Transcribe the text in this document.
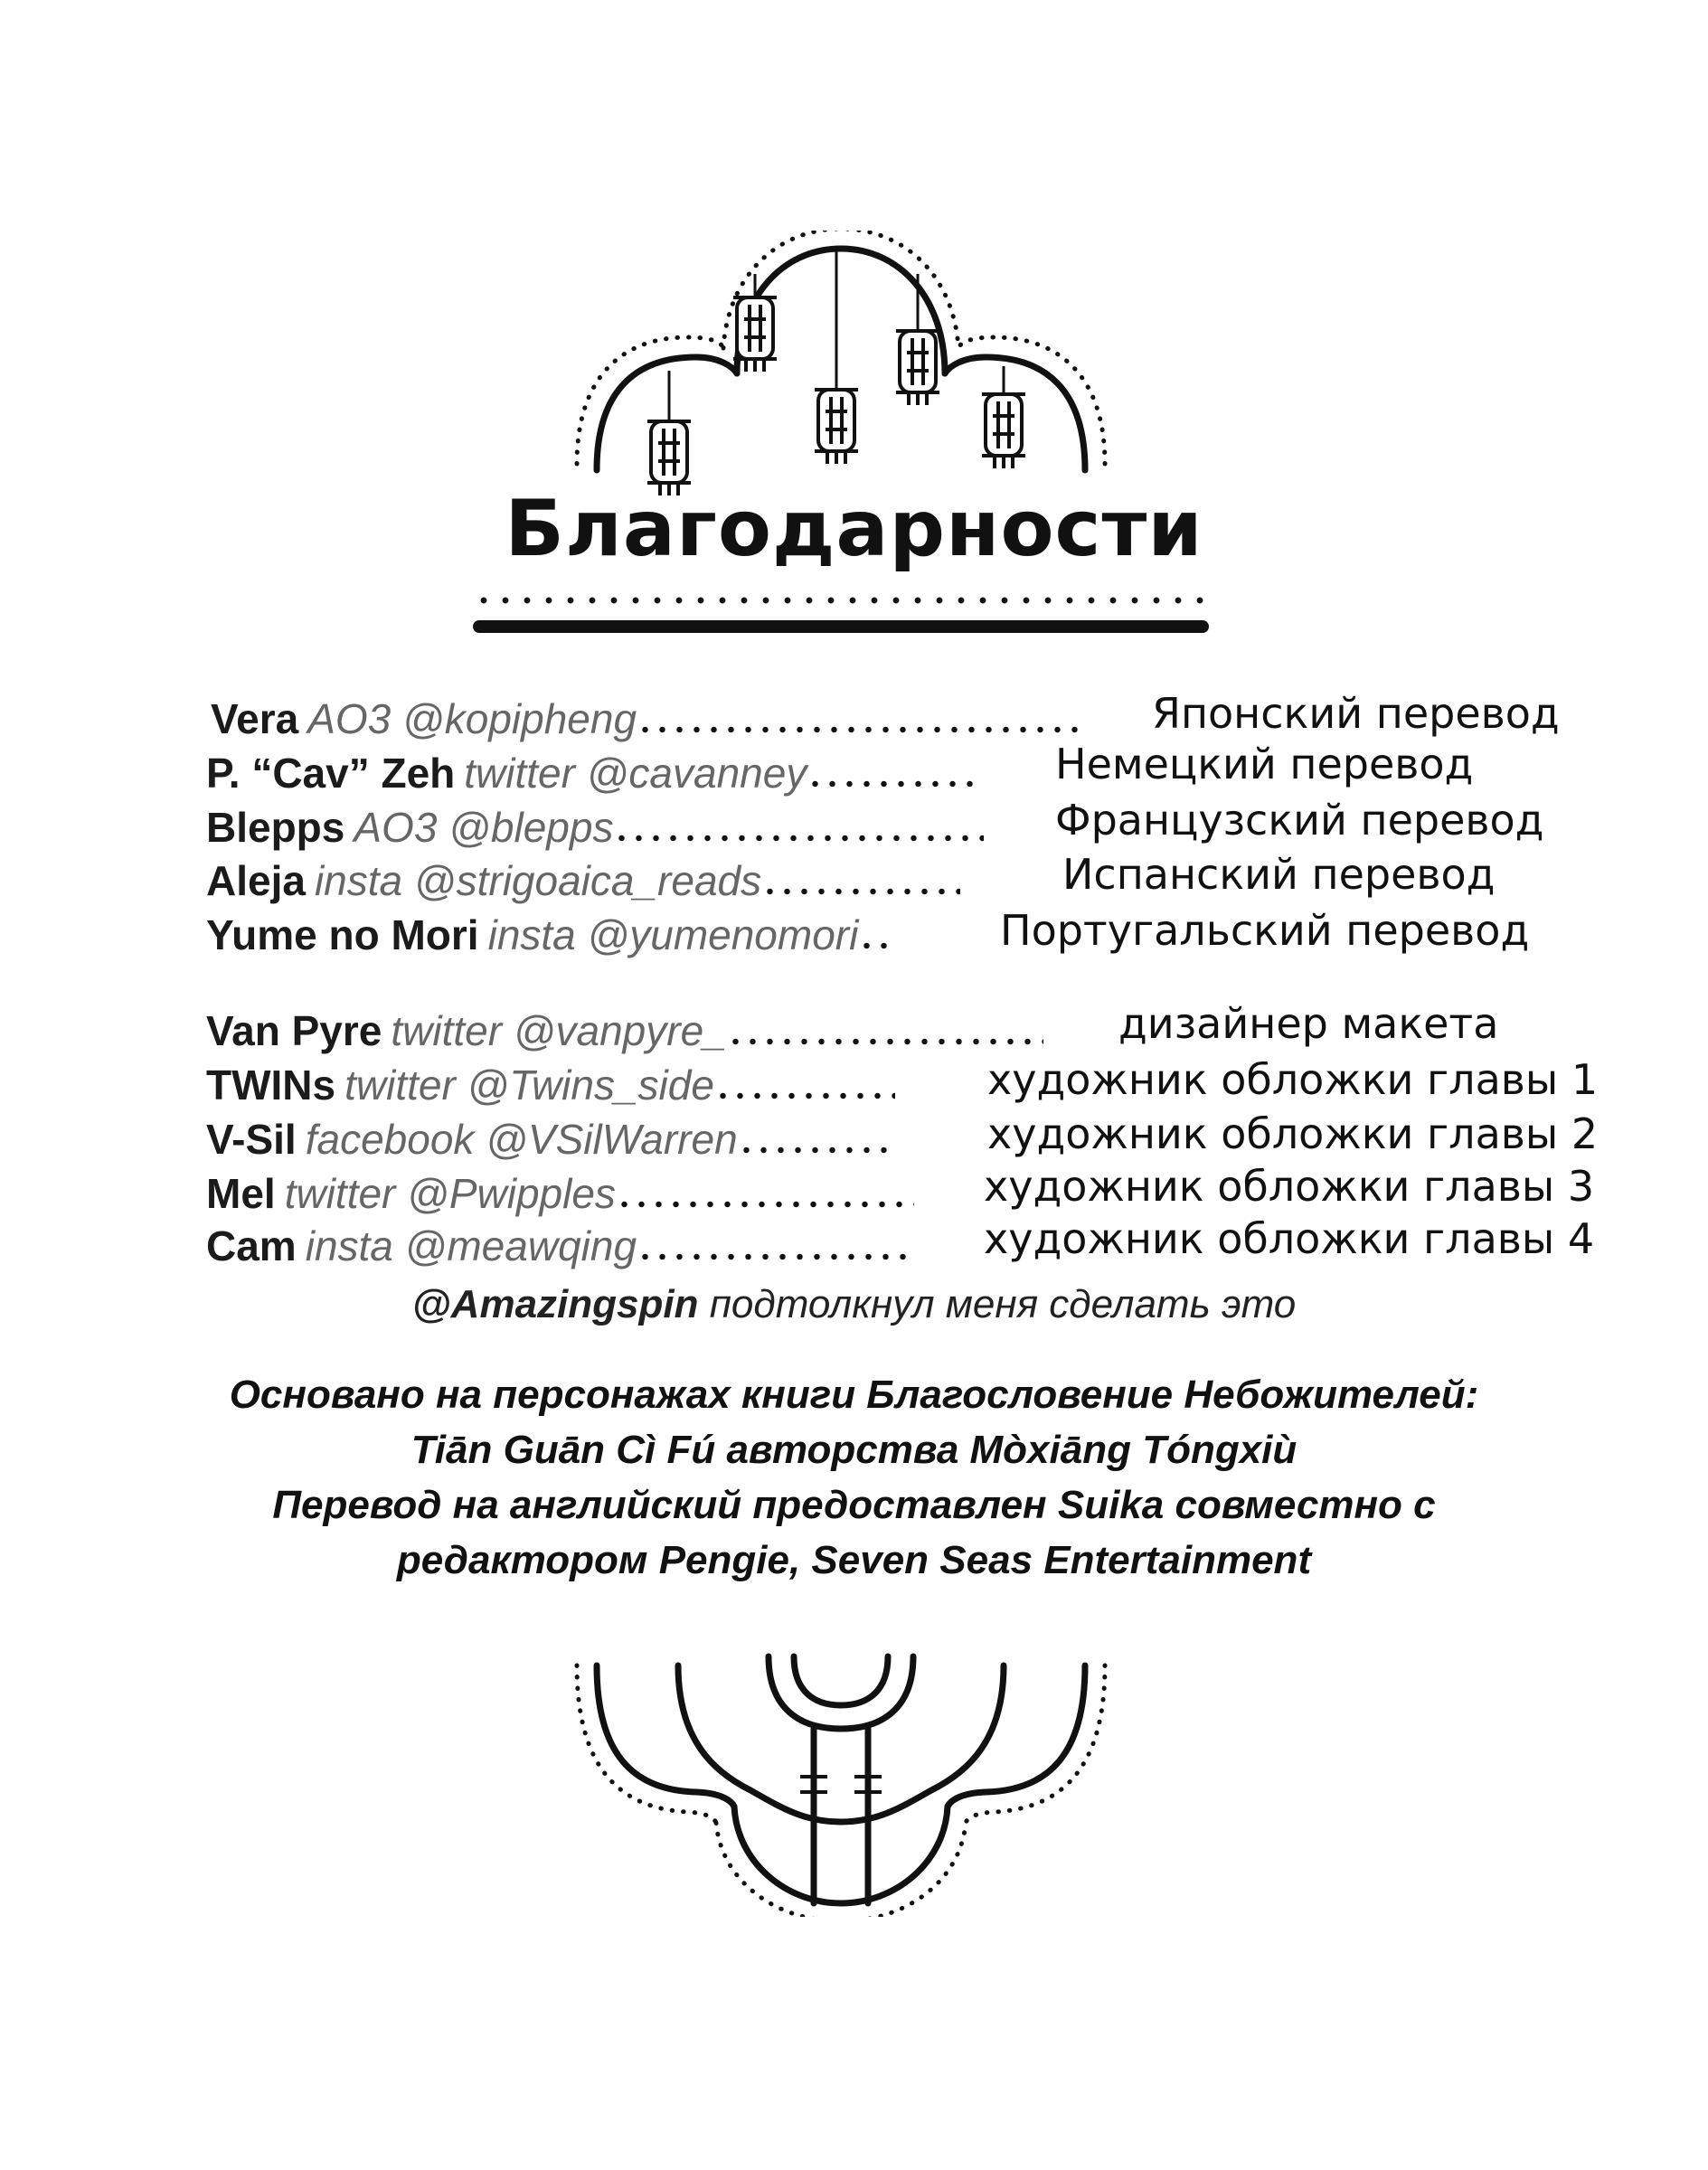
Благодарности
Vera AO3 @kopipheng	Японский перевод
P. “Cav” Zeh twitter @cavanney	Немецкий перевод
Blepps AO3 @blepps	Французский перевод
Aleja insta @strigoaica_reads	Испанский перевод
Yume no Mori insta @yumenomori	Португальский перевод
Van Pyre twitter @vanpyre_	дизайнер макета
TWINs twitter @Twins_side	художник обложки главы 1
V-Sil facebook @VSilWarren	художник обложки главы 2
Mel twitter @Pwipples	художник обложки главы 3
Cam insta @meawqing	художник обложки главы 4
@Amazingspin подтолкнул меня сделать это
Основано на персонажах книги Благословение Небожителей:
Tiān Guān Cì Fú авторства Mòxiāng Tóngxiù
Перевод на английский предоставлен Suika совместно с
редактором Pengie, Seven Seas Entertainment
